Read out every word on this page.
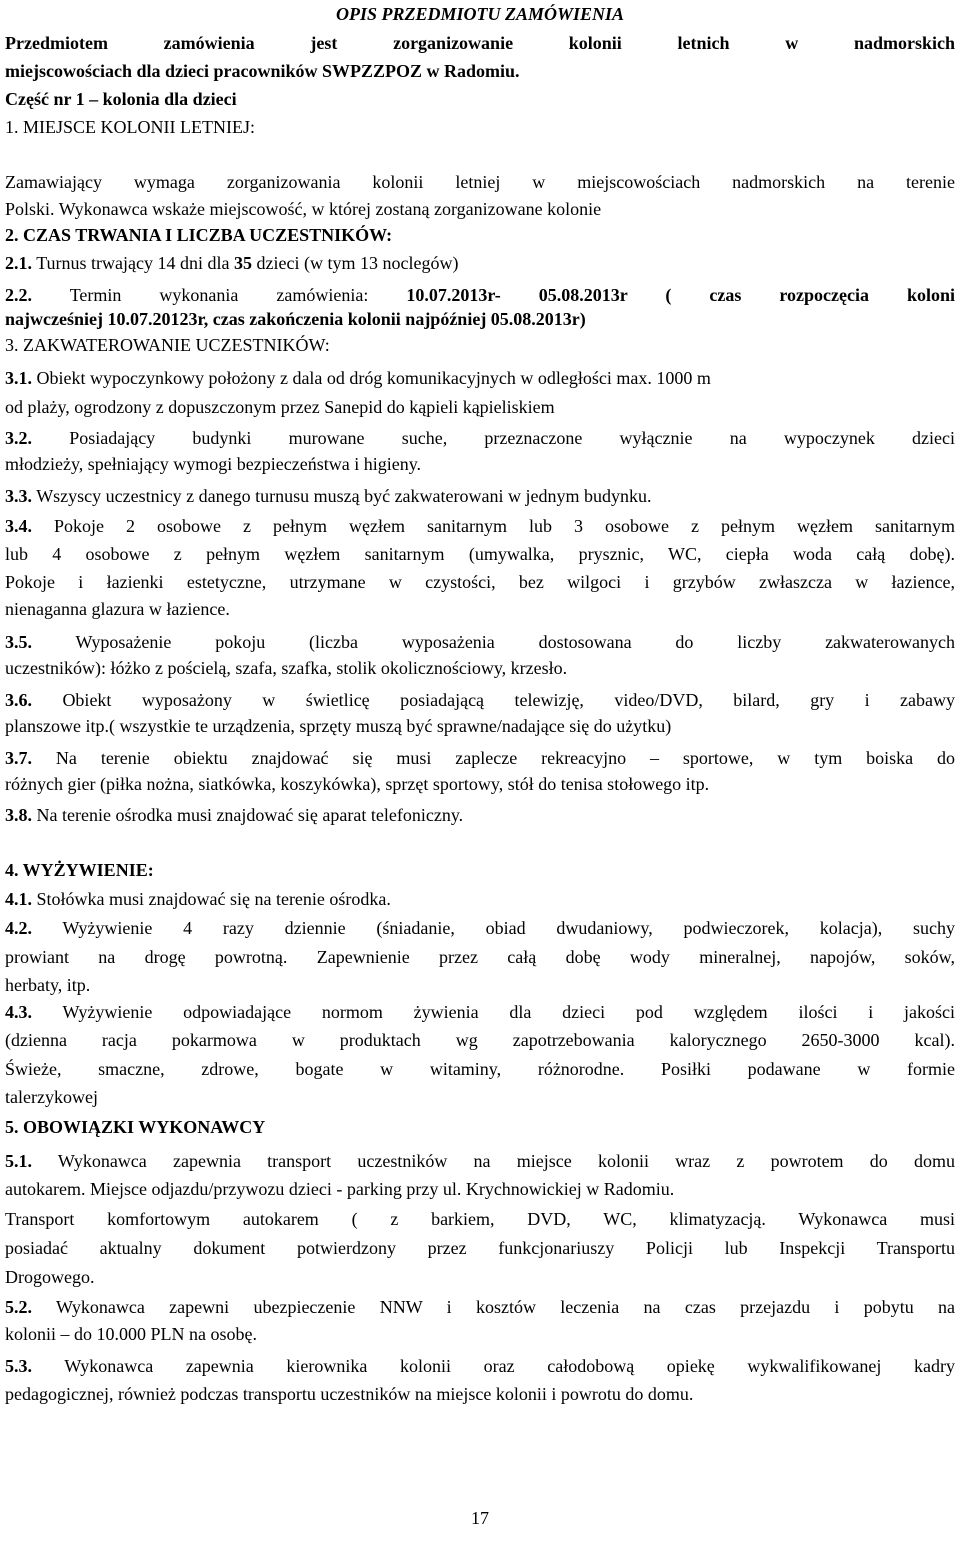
OPIS PRZEDMIOTU ZAMÓWIENIA
Przedmiotem zamówienia jest zorganizowanie kolonii letnich w nadmorskich
miejscowościach dla dzieci pracowników SWPZZPOZ w Radomiu.
Część nr 1 – kolonia dla dzieci
1. MIEJSCE KOLONII LETNIEJ:
Zamawiający wymaga zorganizowania kolonii letniej w miejscowościach nadmorskich na terenie
Polski. Wykonawca wskaże miejscowość, w której zostaną zorganizowane kolonie
2. CZAS TRWANIA I LICZBA UCZESTNIKÓW:
2.1. Turnus trwający 14 dni dla 35 dzieci (w tym 13 noclegów)
2.2. Termin wykonania zamówienia: 10.07.2013r- 05.08.2013r ( czas rozpoczęcia koloni
najwcześniej 10.07.20123r, czas zakończenia kolonii najpóźniej 05.08.2013r)
3. ZAKWATEROWANIE UCZESTNIKÓW:
3.1. Obiekt wypoczynkowy położony z dala od dróg komunikacyjnych w odległości max. 1000 m
od plaży, ogrodzony z dopuszczonym przez Sanepid do kąpieli kąpieliskiem
3.2. Posiadający budynki murowane suche, przeznaczone wyłącznie na wypoczynek dzieci
młodzieży, spełniający wymogi bezpieczeństwa i higieny.
3.3. Wszyscy uczestnicy z danego turnusu muszą być zakwaterowani w jednym budynku.
3.4. Pokoje 2 osobowe z pełnym węzłem sanitarnym lub 3 osobowe z pełnym węzłem sanitarnym
lub 4 osobowe z pełnym węzłem sanitarnym (umywalka, prysznic, WC, ciepła woda całą dobę).
Pokoje i łazienki estetyczne, utrzymane w czystości, bez wilgoci i grzybów zwłaszcza w łazience,
nienaganna glazura w łazience.
3.5. Wyposażenie pokoju (liczba wyposażenia dostosowana do liczby zakwaterowanych
uczestników): łóżko z pościelą, szafa, szafka, stolik okolicznościowy, krzesło.
3.6. Obiekt wyposażony w świetlicę posiadającą telewizję, video/DVD, bilard, gry i zabawy
planszowe itp.( wszystkie te urządzenia, sprzęty muszą być sprawne/nadające się do użytku)
3.7. Na terenie obiektu znajdować się musi zaplecze rekreacyjno – sportowe, w tym boiska do
różnych gier (piłka nożna, siatkówka, koszykówka), sprzęt sportowy, stół do tenisa stołowego itp.
3.8. Na terenie ośrodka musi znajdować się aparat telefoniczny.
4. WYŻYWIENIE:
4.1. Stołówka musi znajdować się na terenie ośrodka.
4.2. Wyżywienie 4 razy dziennie (śniadanie, obiad dwudaniowy, podwieczorek, kolacja), suchy
prowiant na drogę powrotną. Zapewnienie przez całą dobę wody mineralnej, napojów, soków,
herbaty, itp.
4.3. Wyżywienie odpowiadające normom żywienia dla dzieci pod względem ilości i jakości
(dzienna racja pokarmowa w produktach wg zapotrzebowania kalorycznego 2650-3000 kcal).
Świeże, smaczne, zdrowe, bogate w witaminy, różnorodne. Posiłki podawane w formie
talerzykowej
5. OBOWIĄZKI WYKONAWCY
5.1. Wykonawca zapewnia transport uczestników na miejsce kolonii wraz z powrotem do domu
autokarem. Miejsce odjazdu/przywozu dzieci - parking przy ul. Krychnowickiej w Radomiu.
Transport komfortowym autokarem ( z barkiem, DVD, WC, klimatyzacją. Wykonawca musi
posiadać aktualny dokument potwierdzony przez funkcjonariuszy Policji lub Inspekcji Transportu
Drogowego.
5.2. Wykonawca zapewni ubezpieczenie NNW i kosztów leczenia na czas przejazdu i pobytu na
kolonii – do 10.000 PLN na osobę.
5.3. Wykonawca zapewnia kierownika kolonii oraz całodobową opiekę wykwalifikowanej kadry
pedagogicznej, również podczas transportu uczestników na miejsce kolonii i powrotu do domu.
17
